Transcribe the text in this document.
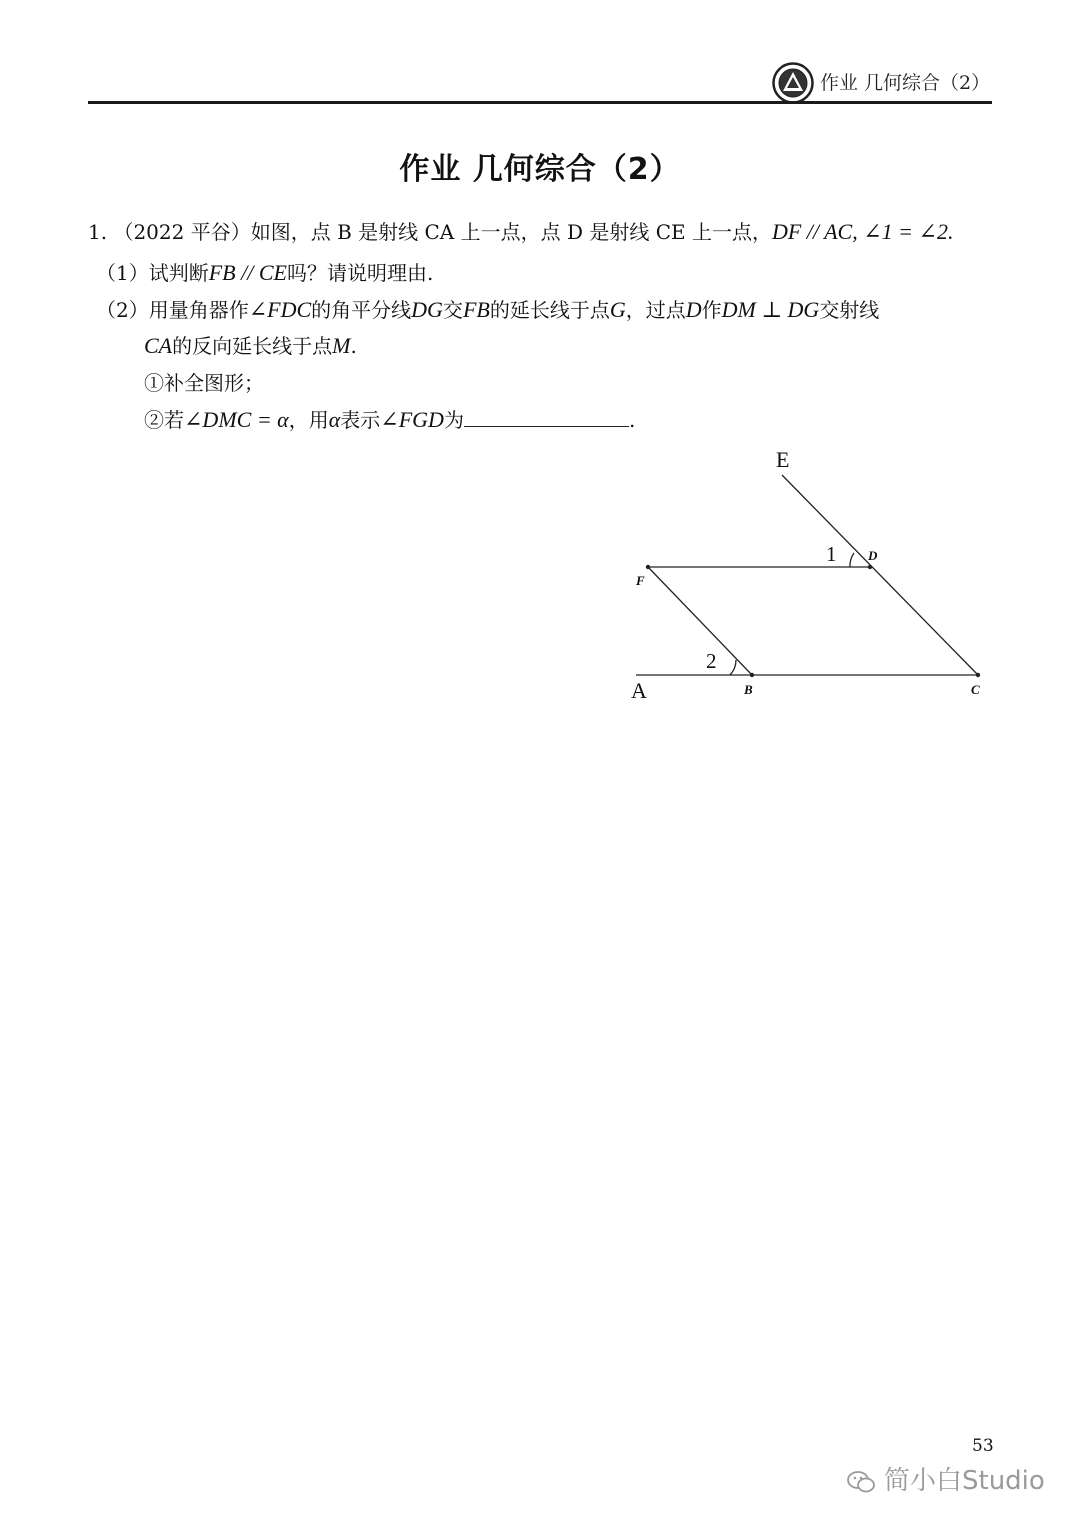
作业 几何综合（2）
作业 几何综合（2）
1. （2022 平谷）如图，点 B 是射线 CA 上一点，点 D 是射线 CE 上一点，DF // AC, ∠1 = ∠2.
（1）试判断FB // CE吗？请说明理由.
（2）用量角器作∠FDC的角平分线DG交FB的延长线于点G，过点D作DM ⊥ DG交射线
CA的反向延长线于点M.
①补全图形；
②若∠DMC = α，用α表示∠FGD为	.
E
D
F
A	B	C
1
2
53
简小白Studio
